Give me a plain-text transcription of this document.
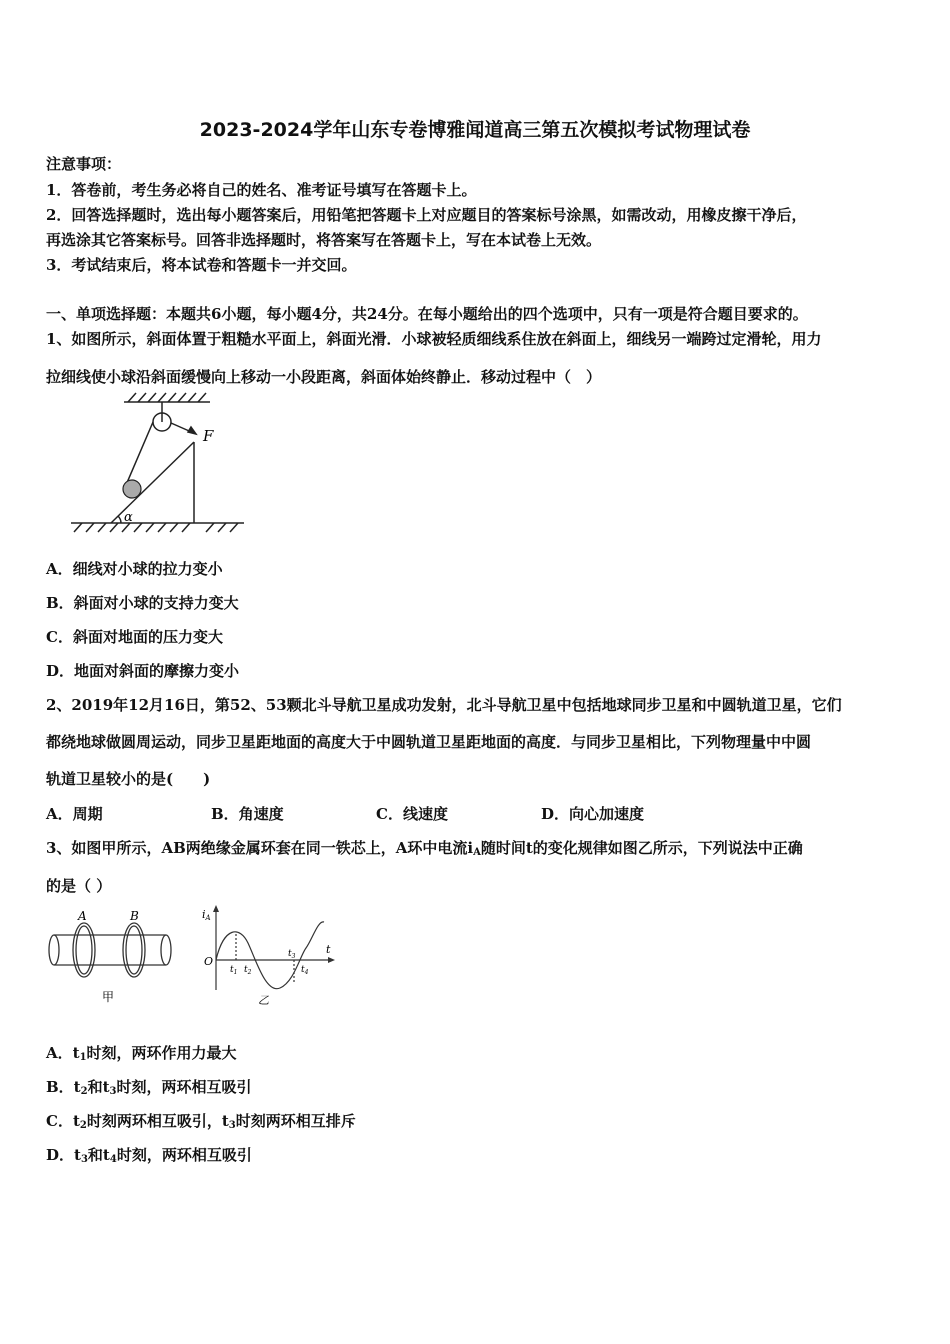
2023-2024学年山东专卷博雅闻道高三第五次模拟考试物理试卷
注意事项：
1．答卷前，考生务必将自己的姓名、准考证号填写在答题卡上。
2．回答选择题时，选出每小题答案后，用铅笔把答题卡上对应题目的答案标号涂黑，如需改动，用橡皮擦干净后，
再选涂其它答案标号。回答非选择题时，将答案写在答题卡上，写在本试卷上无效。
3．考试结束后，将本试卷和答题卡一并交回。
一、单项选择题：本题共6小题，每小题4分，共24分。在每小题给出的四个选项中，只有一项是符合题目要求的。
1、如图所示，斜面体置于粗糙水平面上，斜面光滑．小球被轻质细线系住放在斜面上，细线另一端跨过定滑轮，用力
拉细线使小球沿斜面缓慢向上移动一小段距离，斜面体始终静止．移动过程中（　）
F
α
A．细线对小球的拉力变小
B．斜面对小球的支持力变大
C．斜面对地面的压力变大
D．地面对斜面的摩擦力变小
2、2019年12月16日，第52、53颗北斗导航卫星成功发射，北斗导航卫星中包括地球同步卫星和中圆轨道卫星，它们
都绕地球做圆周运动，同步卫星距地面的高度大于中圆轨道卫星距地面的高度．与同步卫星相比，下列物理量中中圆
轨道卫星较小的是(　　)
A．周期	B．角速度	C．线速度	D．向心加速度
3、如图甲所示，AB两绝缘金属环套在同一铁芯上，A环中电流$i_A$随时间t的变化规律如图乙所示，下列说法中正确
的是（ ）
A	B
甲
iA
t
O
$t_1$ $t_2$
$t_3$
$t_4$
乙
A．$t_1$时刻，两环作用力最大
B．$t_2$和$t_3$时刻，两环相互吸引
C．$t_2$时刻两环相互吸引，$t_3$时刻两环相互排斥
D．$t_3$和$t_4$时刻，两环相互吸引
